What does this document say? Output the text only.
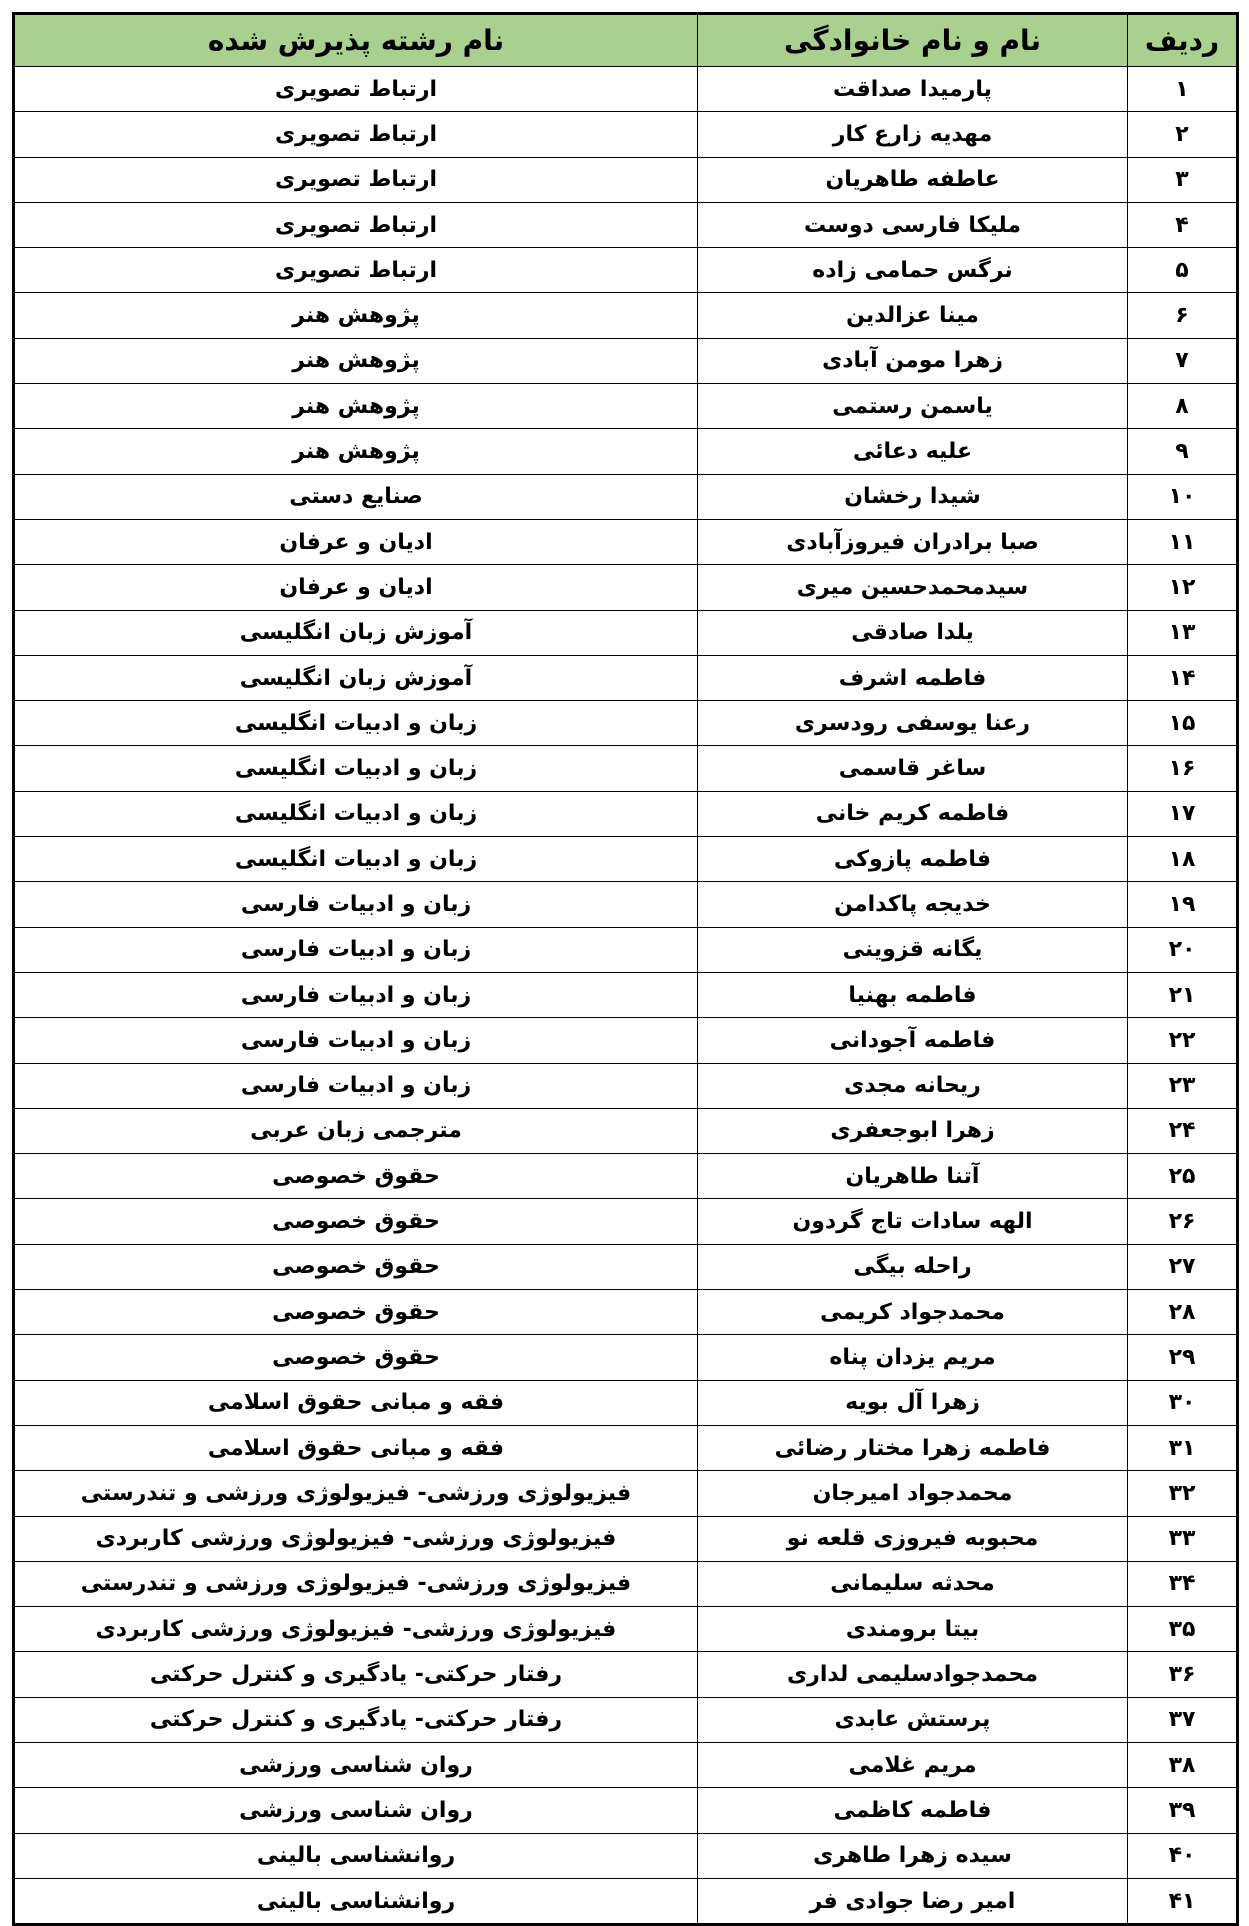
ردیف	نام و نام خانوادگی	نام رشته پذیرش شده
۱	پارمیدا صداقت	ارتباط تصویری
۲	مهدیه زارع کار	ارتباط تصویری
۳	عاطفه طاهریان	ارتباط تصویری
۴	ملیکا فارسی دوست	ارتباط تصویری
۵	نرگس حمامی زاده	ارتباط تصویری
۶	مینا عزالدین	پژوهش هنر
۷	زهرا مومن آبادی	پژوهش هنر
۸	یاسمن رستمی	پژوهش هنر
۹	علیه دعائی	پژوهش هنر
۱۰	شیدا رخشان	صنایع دستی
۱۱	صبا برادران فیروزآبادی	ادیان و عرفان
۱۲	سیدمحمدحسین میری	ادیان و عرفان
۱۳	یلدا صادقی	آموزش زبان انگلیسی
۱۴	فاطمه اشرف	آموزش زبان انگلیسی
۱۵	رعنا یوسفی رودسری	زبان و ادبیات انگلیسی
۱۶	ساغر قاسمی	زبان و ادبیات انگلیسی
۱۷	فاطمه کریم خانی	زبان و ادبیات انگلیسی
۱۸	فاطمه پازوکی	زبان و ادبیات انگلیسی
۱۹	خدیجه پاکدامن	زبان و ادبیات فارسی
۲۰	یگانه قزوینی	زبان و ادبیات فارسی
۲۱	فاطمه بهنیا	زبان و ادبیات فارسی
۲۲	فاطمه آجودانی	زبان و ادبیات فارسی
۲۳	ریحانه مجدی	زبان و ادبیات فارسی
۲۴	زهرا ابوجعفری	مترجمی زبان عربی
۲۵	آتنا طاهریان	حقوق خصوصی
۲۶	الهه سادات تاج گردون	حقوق خصوصی
۲۷	راحله بیگی	حقوق خصوصی
۲۸	محمدجواد کریمی	حقوق خصوصی
۲۹	مریم یزدان پناه	حقوق خصوصی
۳۰	زهرا آل بویه	فقه و مبانی حقوق اسلامی
۳۱	فاطمه زهرا مختار رضائی	فقه و مبانی حقوق اسلامی
۳۲	محمدجواد امیرجان	فیزیولوژی ورزشی- فیزیولوژی ورزشی و تندرستی
۳۳	محبوبه فیروزی قلعه نو	فیزیولوژی ورزشی- فیزیولوژی ورزشی کاربردی
۳۴	محدثه سلیمانی	فیزیولوژی ورزشی- فیزیولوژی ورزشی و تندرستی
۳۵	بیتا برومندی	فیزیولوژی ورزشی- فیزیولوژی ورزشی کاربردی
۳۶	محمدجوادسلیمی لداری	رفتار حرکتی- یادگیری و کنترل حرکتی
۳۷	پرستش عابدی	رفتار حرکتی- یادگیری و کنترل حرکتی
۳۸	مریم غلامی	روان شناسی ورزشی
۳۹	فاطمه کاظمی	روان شناسی ورزشی
۴۰	سیده زهرا طاهری	روانشناسی بالینی
۴۱	امیر رضا جوادی فر	روانشناسی بالینی
